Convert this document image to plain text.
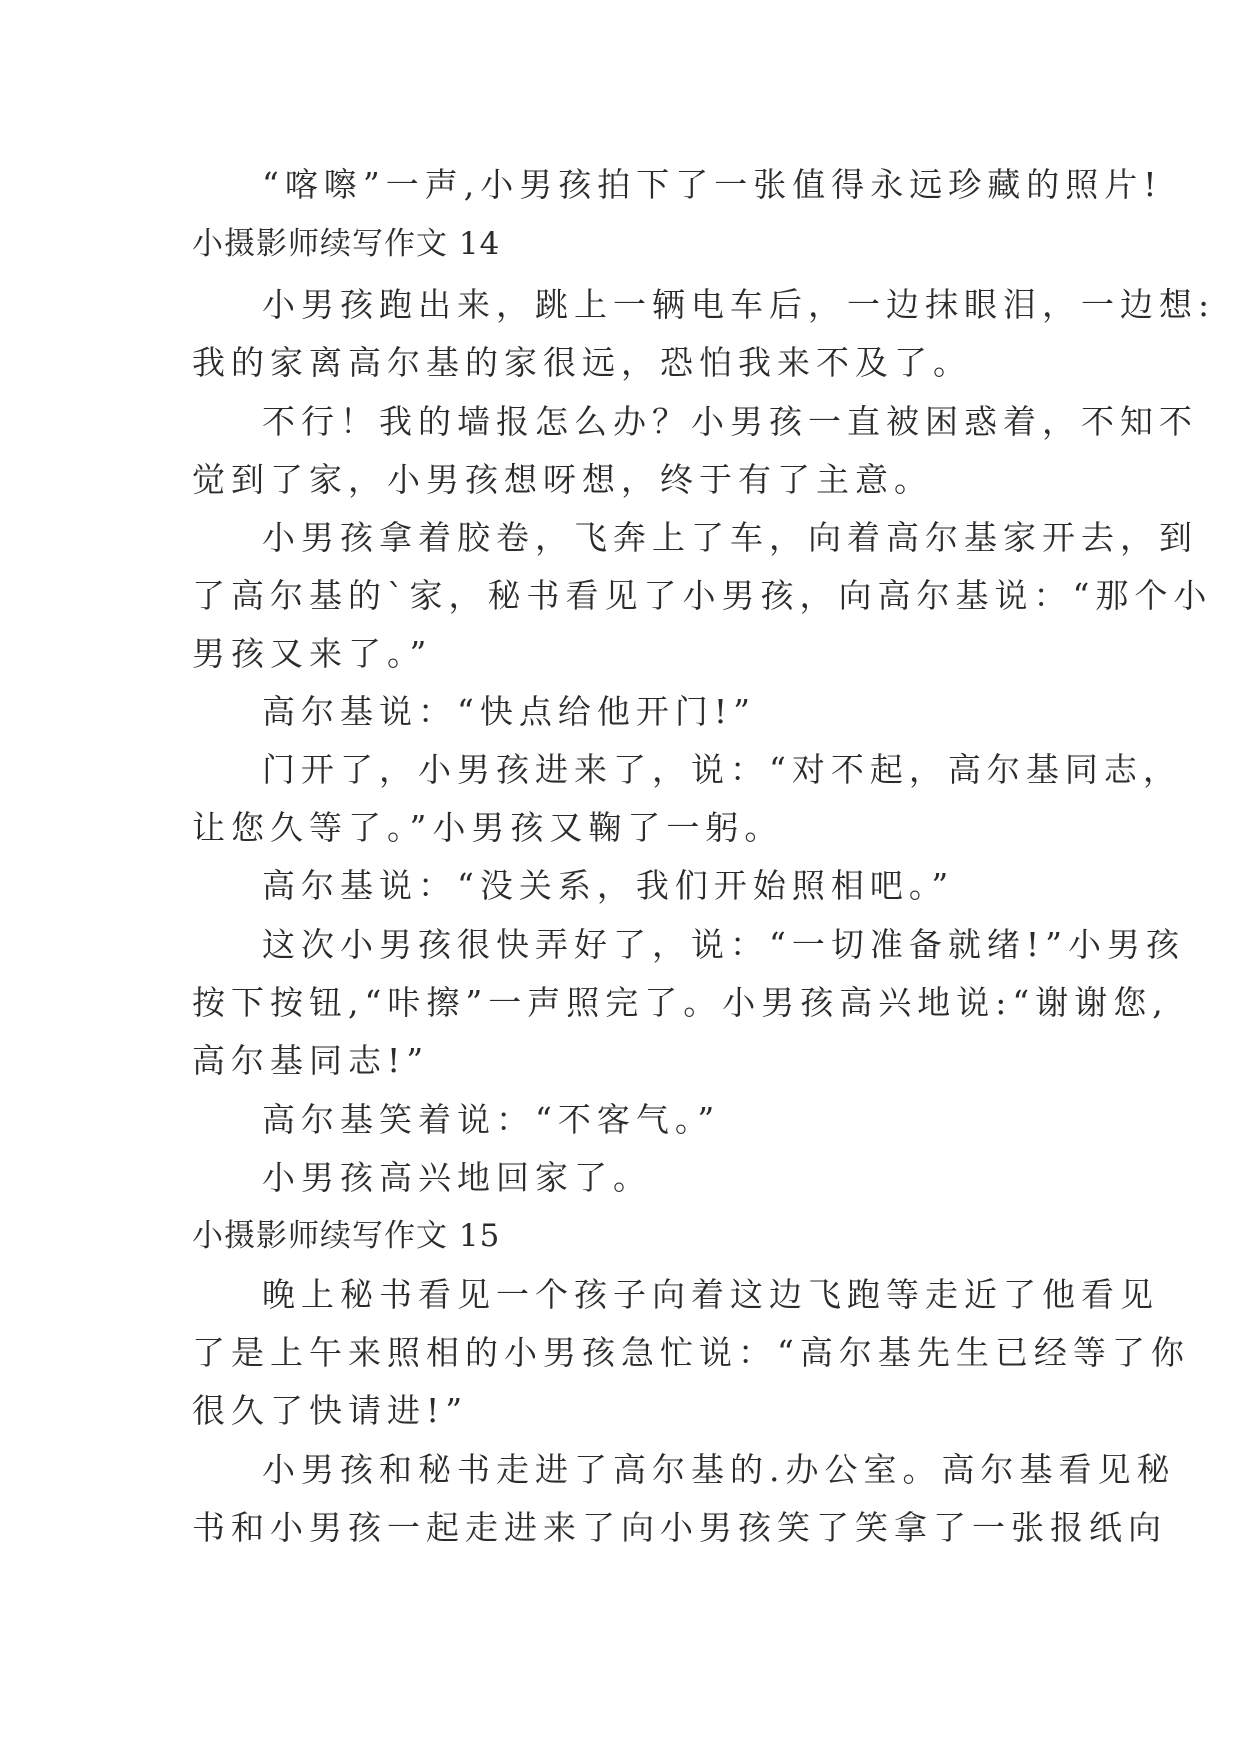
“喀嚓”一声,小男孩拍下了一张值得永远珍藏的照片!
小摄影师续写作文 14
小男孩跑出来，跳上一辆电车后，一边抹眼泪，一边想:
我的家离高尔基的家很远，恐怕我来不及了。
不行！我的墙报怎么办？小男孩一直被困惑着，不知不
觉到了家，小男孩想呀想，终于有了主意。
小男孩拿着胶卷，飞奔上了车，向着高尔基家开去，到
了高尔基的`家，秘书看见了小男孩，向高尔基说：“那个小
男孩又来了。”
高尔基说：“快点给他开门!”
门开了，小男孩进来了，说：“对不起，高尔基同志，
让您久等了。”小男孩又鞠了一躬。
高尔基说：“没关系，我们开始照相吧。”
这次小男孩很快弄好了，说：“一切准备就绪!”小男孩
按下按钮,“咔擦”一声照完了。小男孩高兴地说:“谢谢您,
高尔基同志!”
高尔基笑着说：“不客气。”
小男孩高兴地回家了。
小摄影师续写作文 15
晚上秘书看见一个孩子向着这边飞跑等走近了他看见
了是上午来照相的小男孩急忙说：“高尔基先生已经等了你
很久了快请进!”
小男孩和秘书走进了高尔基的.办公室。高尔基看见秘
书和小男孩一起走进来了向小男孩笑了笑拿了一张报纸向
